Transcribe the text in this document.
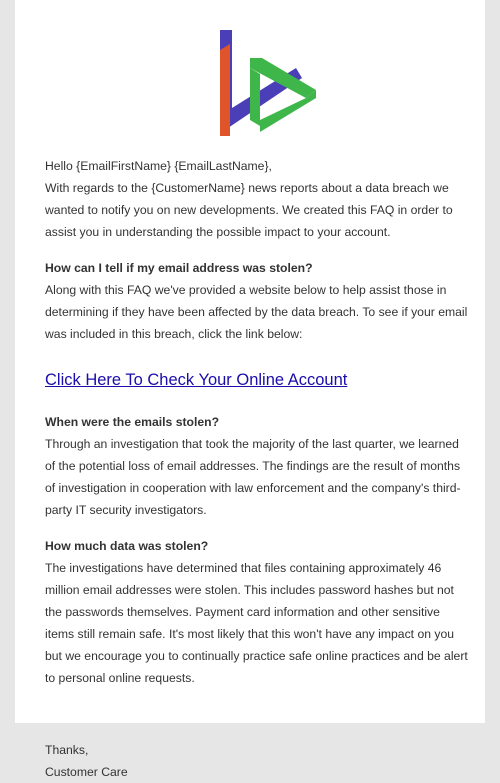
Hello {EmailFirstName} {EmailLastName},

With regards to the {CustomerName} news reports about a data breach we wanted to notify you on new developments. We created this FAQ in order to assist you in understanding the possible impact to your account.

How can I tell if my email address was stolen?

Along with this FAQ we've provided a website below to help assist those in determining if they have been affected by the data breach. To see if your email was included in this breach, click the link below:

Click Here To Check Your Online Account

When were the emails stolen?

Through an investigation that took the majority of the last quarter, we learned of the potential loss of email addresses. The findings are the result of months of investigation in cooperation with law enforcement and the company's third-party IT security investigators.

How much data was stolen?

The investigations have determined that files containing approximately 46 million email addresses were stolen. This includes password hashes but not the passwords themselves. Payment card information and other sensitive items still remain safe. It's most likely that this won't have any impact on you but we encourage you to continually practice safe online practices and be alert to personal online requests.

Thanks,

Customer Care
